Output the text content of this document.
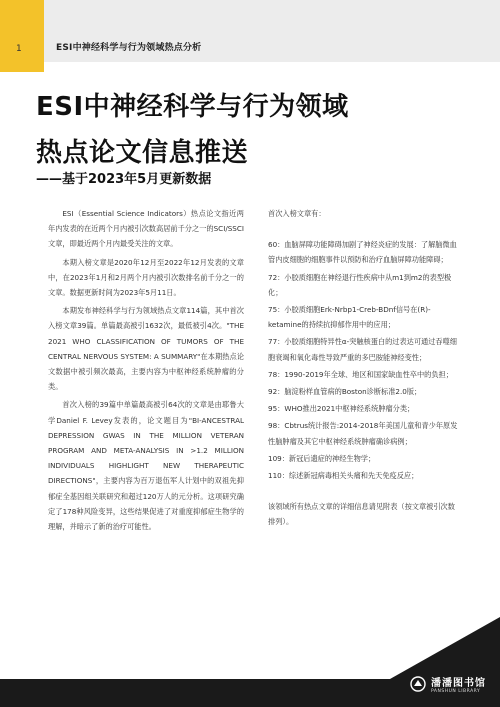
1	ESI中神经科学与行为领域热点分析
ESI中神经科学与行为领域
热点论文信息推送
——基于2023年5月更新数据

ESI（Essential Science Indicators）热点论文指近两年内发表的在近两个月内被引次数高居前千分之一的SCI/SSCI文章，即最近两个月内最受关注的文章。

本期入榜文章是2020年12月至2022年12月发表的文章中，在2023年1月和2月两个月内被引次数排名前千分之一的文章。数据更新时间为2023年5月11日。

本期发布神经科学与行为领域热点文章114篇，其中首次入榜文章39篇。单篇最高被引1632次，最低被引4次。"THE 2021 WHO CLASSIFICATION OF TUMORS OF THE CENTRAL NERVOUS SYSTEM: A SUMMARY"在本期热点论文数据中被引频次最高，主要内容为中枢神经系统肿瘤的分类。

首次入榜的39篇中单篇最高被引64次的文章是由耶鲁大学Daniel F. Levey发表的，论文题目为"BI-ANCESTRAL DEPRESSION GWAS IN THE MILLION VETERAN PROGRAM AND META-ANALYSIS IN >1.2 MILLION INDIVIDUALS HIGHLIGHT NEW THERAPEUTIC DIRECTIONS"，主要内容为百万退伍军人计划中的双祖先抑郁症全基因组关联研究和超过120万人的元分析。这项研究确定了178种风险变异，这些结果促进了对重度抑郁症生物学的理解，并暗示了新的治疗可能性。

首次入榜文章有：

60：血脑屏障功能障碍加剧了神经炎症的发展：了解脑微血管内皮细胞的细胞事件以预防和治疗血脑屏障功能障碍；

72：小胶质细胞在神经退行性疾病中从m1到m2的表型极化；

75：小胶质细胞Erk-Nrbp1-Creb-BDnf信号在(R)-ketamine的持续抗抑郁作用中的应用；

77：小胶质细胞特异性α-突触核蛋白的过表达可通过吞噬细胞衰竭和氧化毒性导致严重的多巴胺能神经变性；

78：1990-2019年全球、地区和国家缺血性卒中的负担；

92：脑淀粉样血管病的Boston诊断标准2.0版；

95：WHO推出2021中枢神经系统肿瘤分类；

98：Cbtrus统计报告:2014-2018年美国儿童和青少年原发性脑肿瘤及其它中枢神经系统肿瘤确诊病例；

109：新冠后遗症的神经生物学；

110：综述新冠病毒相关头痛和先天免疫反应；

该领域所有热点文章的详细信息请见附表（按文章被引次数排列）。

潘潘图书馆
PANSHUN LIBRARY
